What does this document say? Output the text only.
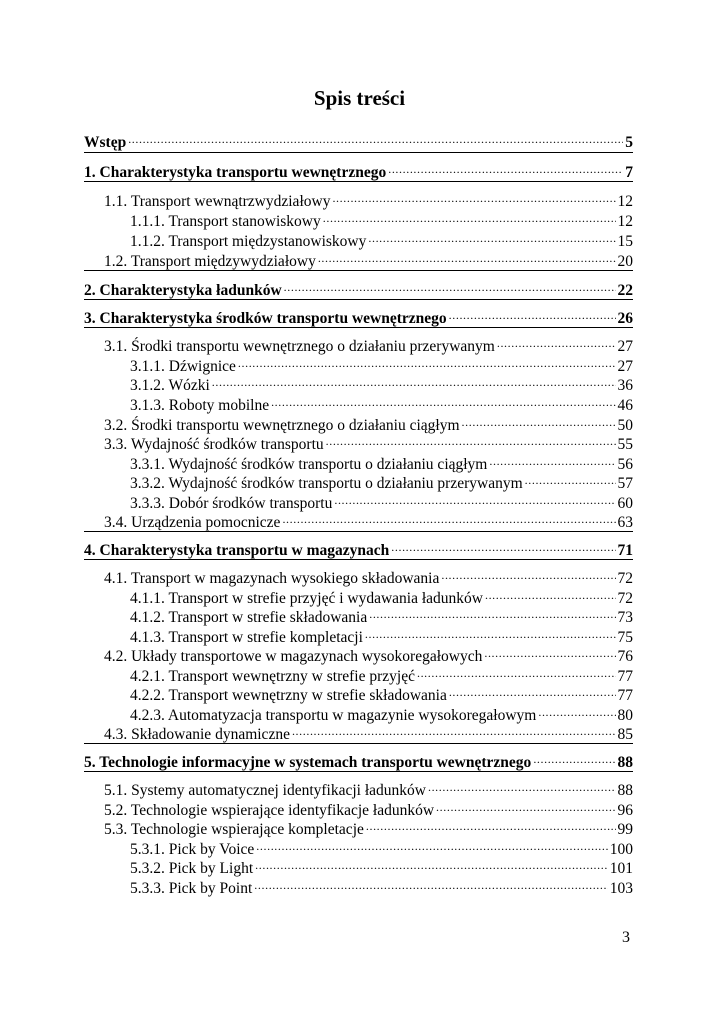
Spis treści
Wstęp .....	5
1. Charakterystyka transportu wewnętrznego .....	7
1.1. Transport wewnątrzwydziałowy .....	12
1.1.1. Transport stanowiskowy .....	12
1.1.2. Transport międzystanowiskowy .....	15
1.2. Transport międzywydziałowy .....	20
2. Charakterystyka ładunków .....	22
3. Charakterystyka środków transportu wewnętrznego .....	26
3.1. Środki transportu wewnętrznego o działaniu przerywanym .....	27
3.1.1. Dźwignice .....	27
3.1.2. Wózki .....	36
3.1.3. Roboty mobilne .....	46
3.2. Środki transportu wewnętrznego o działaniu ciągłym .....	50
3.3. Wydajność środków transportu .....	55
3.3.1. Wydajność środków transportu o działaniu ciągłym .....	56
3.3.2. Wydajność środków transportu o działaniu przerywanym .....	57
3.3.3. Dobór środków transportu .....	60
3.4. Urządzenia pomocnicze .....	63
4. Charakterystyka transportu w magazynach .....	71
4.1. Transport w magazynach wysokiego składowania .....	72
4.1.1. Transport w strefie przyjęć i wydawania ładunków .....	72
4.1.2. Transport w strefie składowania .....	73
4.1.3. Transport w strefie kompletacji .....	75
4.2. Układy transportowe w magazynach wysokoregałowych .....	76
4.2.1. Transport wewnętrzny w strefie przyjęć .....	77
4.2.2. Transport wewnętrzny w strefie składowania .....	77
4.2.3. Automatyzacja transportu w magazynie wysokoregałowym .....	80
4.3. Składowanie dynamiczne .....	85
5. Technologie informacyjne w systemach transportu wewnętrznego .....	88
5.1. Systemy automatycznej identyfikacji ładunków .....	88
5.2. Technologie wspierające identyfikacje ładunków .....	96
5.3. Technologie wspierające kompletacje .....	99
5.3.1. Pick by Voice .....	100
5.3.2. Pick by Light .....	101
5.3.3. Pick by Point .....	103
3
